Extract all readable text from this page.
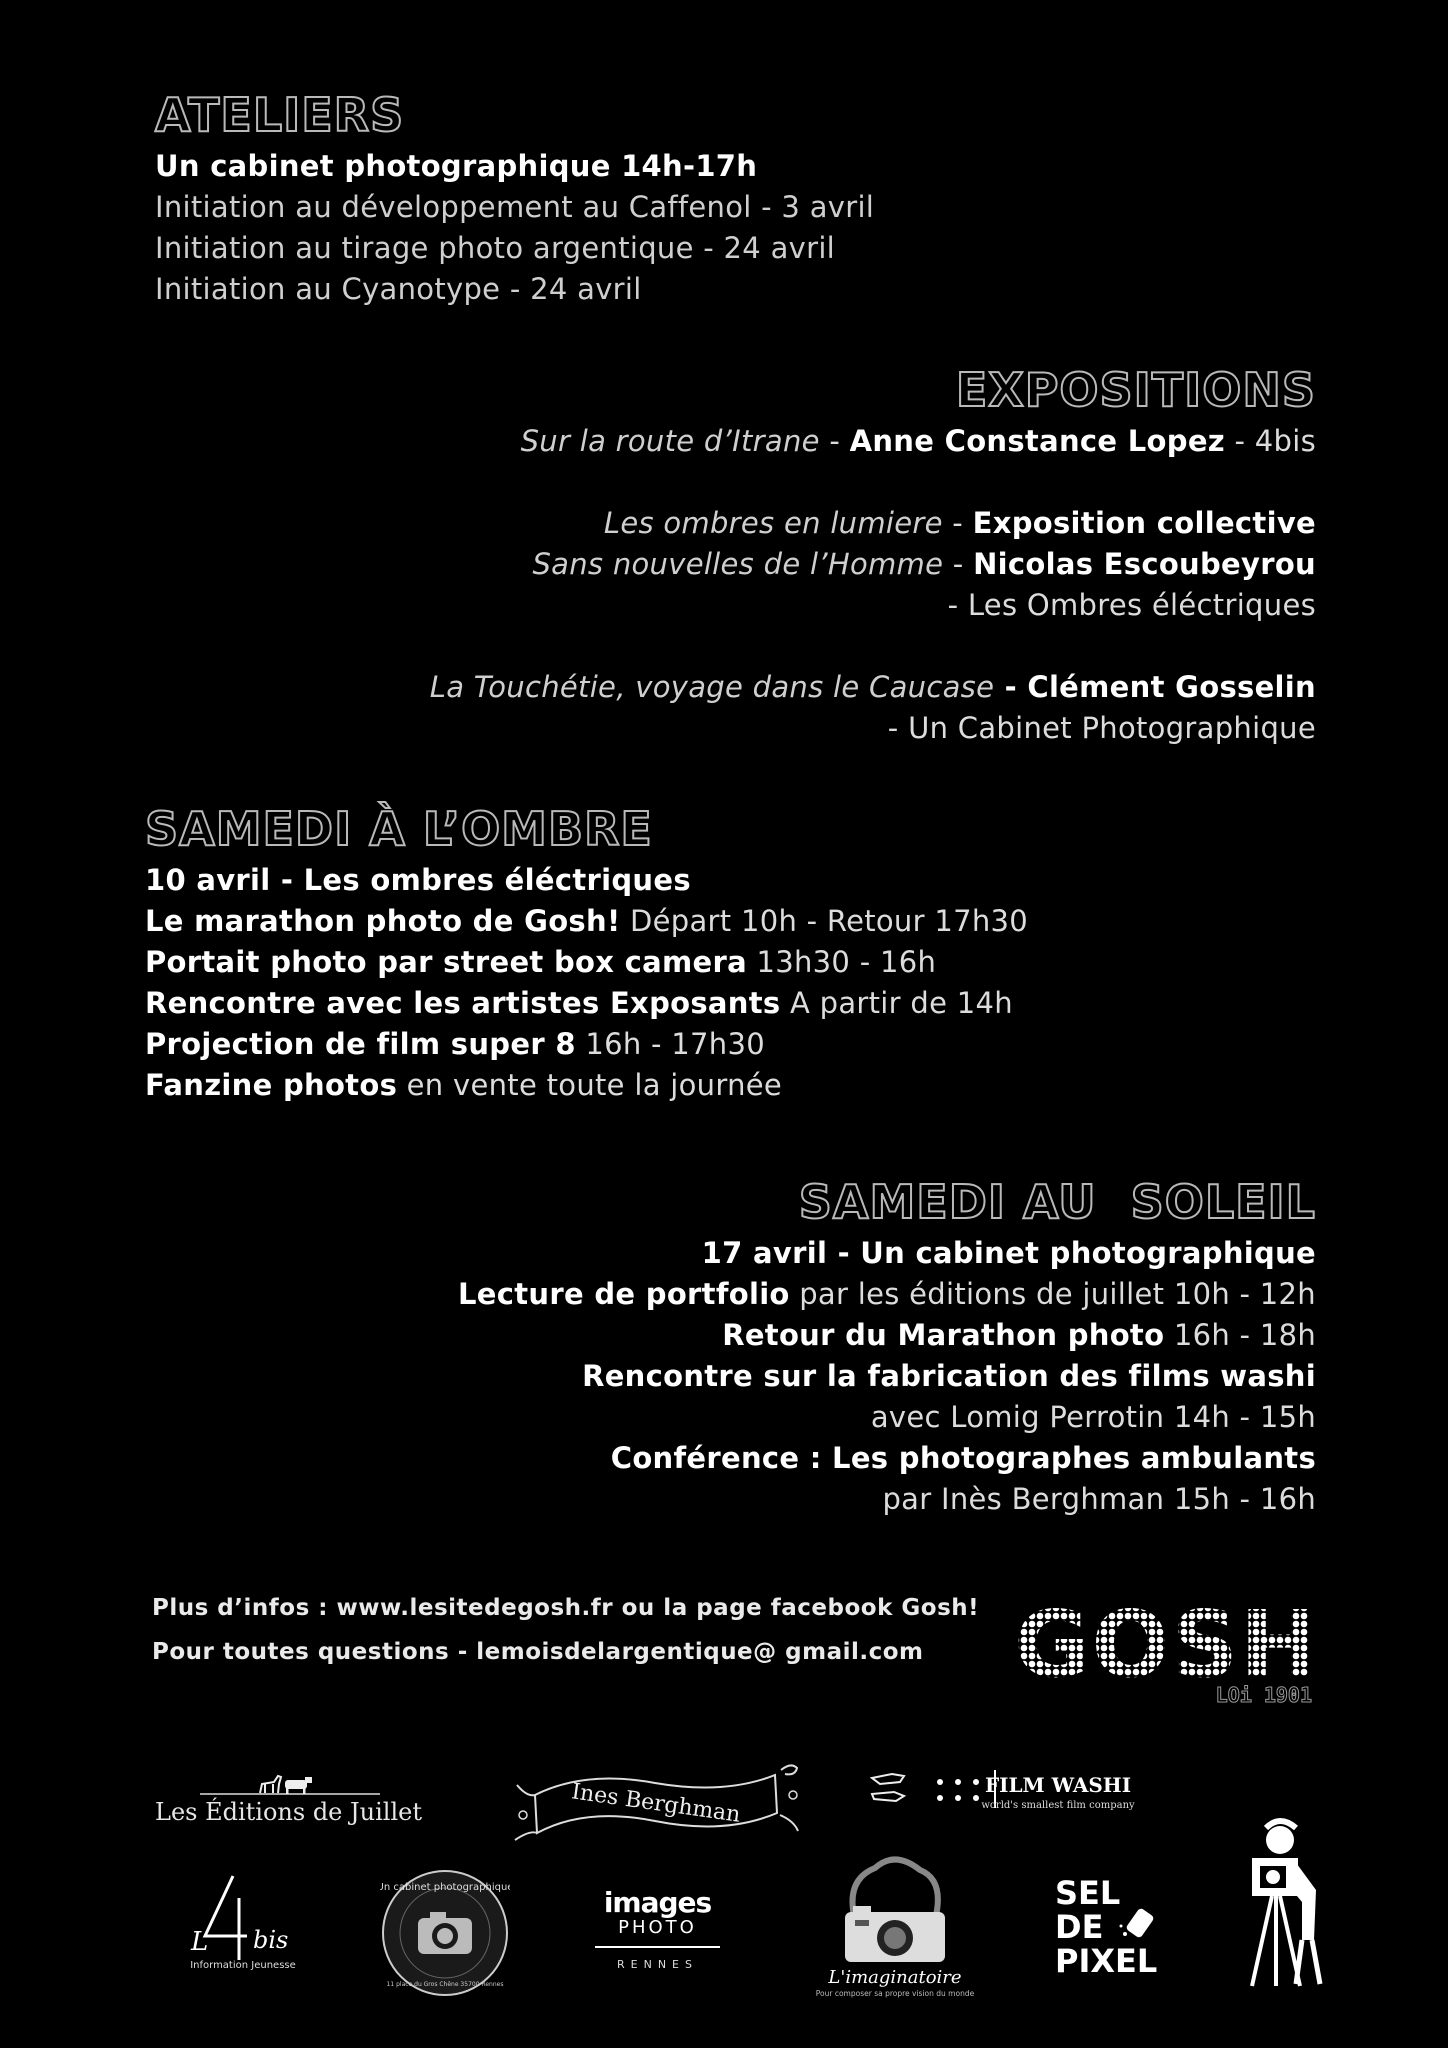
ATELIERS
Un cabinet photographique 14h-17h
Initiation au développement au Caffenol - 3 avril
Initiation au tirage photo argentique - 24 avril
Initiation au Cyanotype - 24 avril
EXPOSITIONS
Sur la route d’Itrane - Anne Constance Lopez - 4bis
Les ombres en lumiere - Exposition collective
Sans nouvelles de l’Homme - Nicolas Escoubeyrou
- Les Ombres éléctriques
La Touchétie, voyage dans le Caucase - Clément Gosselin
- Un Cabinet Photographique
SAMEDI À L’OMBRE
10 avril - Les ombres éléctriques
Le marathon photo de Gosh! Départ 10h - Retour 17h30
Portait photo par street box camera 13h30 - 16h
Rencontre avec les artistes Exposants A partir de 14h
Projection de film super 8 16h - 17h30
Fanzine photos en vente toute la journée
SAMEDI AU  SOLEIL
17 avril - Un cabinet photographique
Lecture de portfolio par les éditions de juillet 10h - 12h
Retour du Marathon photo 16h - 18h
Rencontre sur la fabrication des films washi
avec Lomig Perrotin 14h - 15h
Conférence : Les photographes ambulants
par Inès Berghman 15h - 16h
Plus d’infos : www.lesitedegosh.fr ou la page facebook Gosh!
Pour toutes questions - lemoisdelargentique@ gmail.com GOSH
LOi 1901
Les Éditions de Juillet	Ines Berghman	FILM WASHI
world's smallest film company
L bis
Information Jeunesse
Un cabinet photographique
11 place du Gros Chêne 35700 Rennes
images
PHOTO
RENNES
L'imaginatoire
Pour composer sa propre vision du monde
SEL
DE
PIXEL
